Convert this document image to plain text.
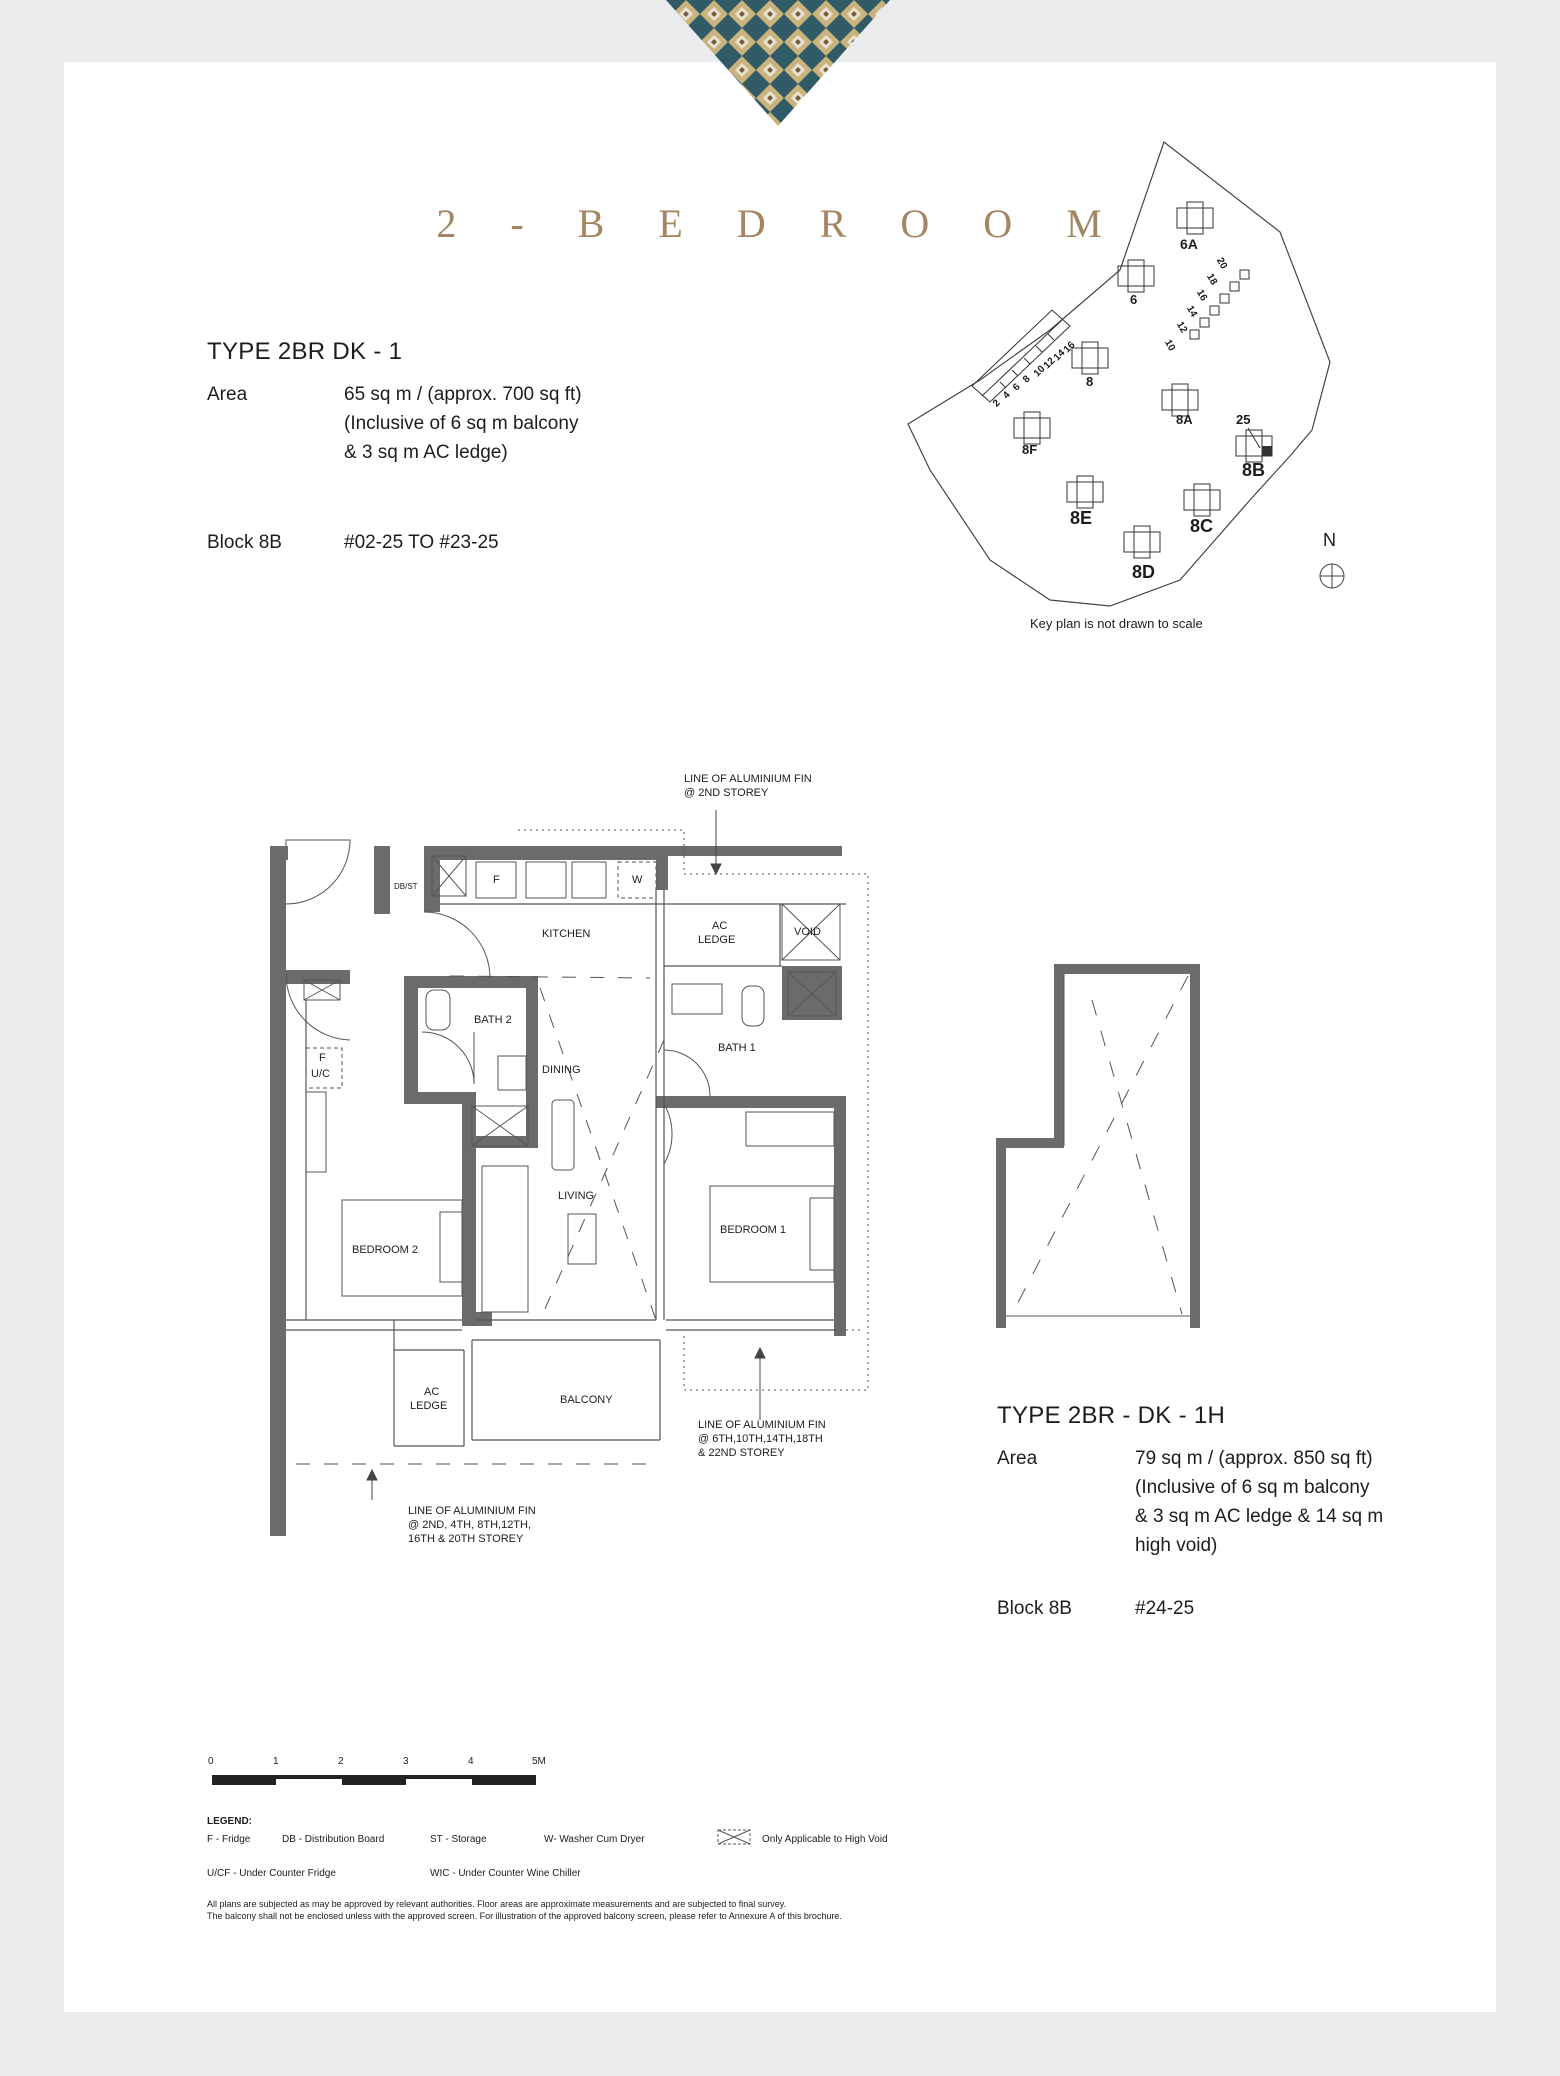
2 - B E D R O O M
TYPE 2BR DK - 1
Area	65 sq m / (approx. 700 sq ft)
(Inclusive of 6 sq m balcony
& 3 sq m AC ledge)
Block 8B	#02-25 TO #23-25
TYPE 2BR - DK - 1H
Area	79 sq m / (approx. 850 sq ft)
(Inclusive of 6 sq m balcony
& 3 sq m AC ledge & 14 sq m
high void)
Block 8B	#24-25
6A
6
8
8A
8B
8F
8E	8C
8D
25
20
18
16
14
12
10
2
4
6
8
10
12
14
16
N
Key plan is not drawn to scale
KITCHEN
AC
LEDGE
VOID
BATH 2
BATH 1
DINING
LIVING
BEDROOM 1
BEDROOM 2
BALCONY
AC
LEDGE
DB/ST
F	W
F
U/C
LINE OF ALUMINIUM FIN
@ 2ND STOREY
LINE OF ALUMINIUM FIN
@ 6TH,10TH,14TH,18TH
& 22ND STOREY
LINE OF ALUMINIUM FIN
@ 2ND, 4TH, 8TH,12TH,
16TH & 20TH STOREY
0	1	2	3	4	5M
LEGEND:
F - Fridge	DB - Distribution Board	ST - Storage	W- Washer Cum Dryer	Only Applicable to High Void
U/CF - Under Counter Fridge	WIC - Under Counter Wine Chiller
All plans are subjected as may be approved by relevant authorities. Floor areas are approximate measurements and are subjected to final survey.
The balcony shall not be enclosed unless with the approved screen. For illustration of the approved balcony screen, please refer to Annexure A of this brochure.
